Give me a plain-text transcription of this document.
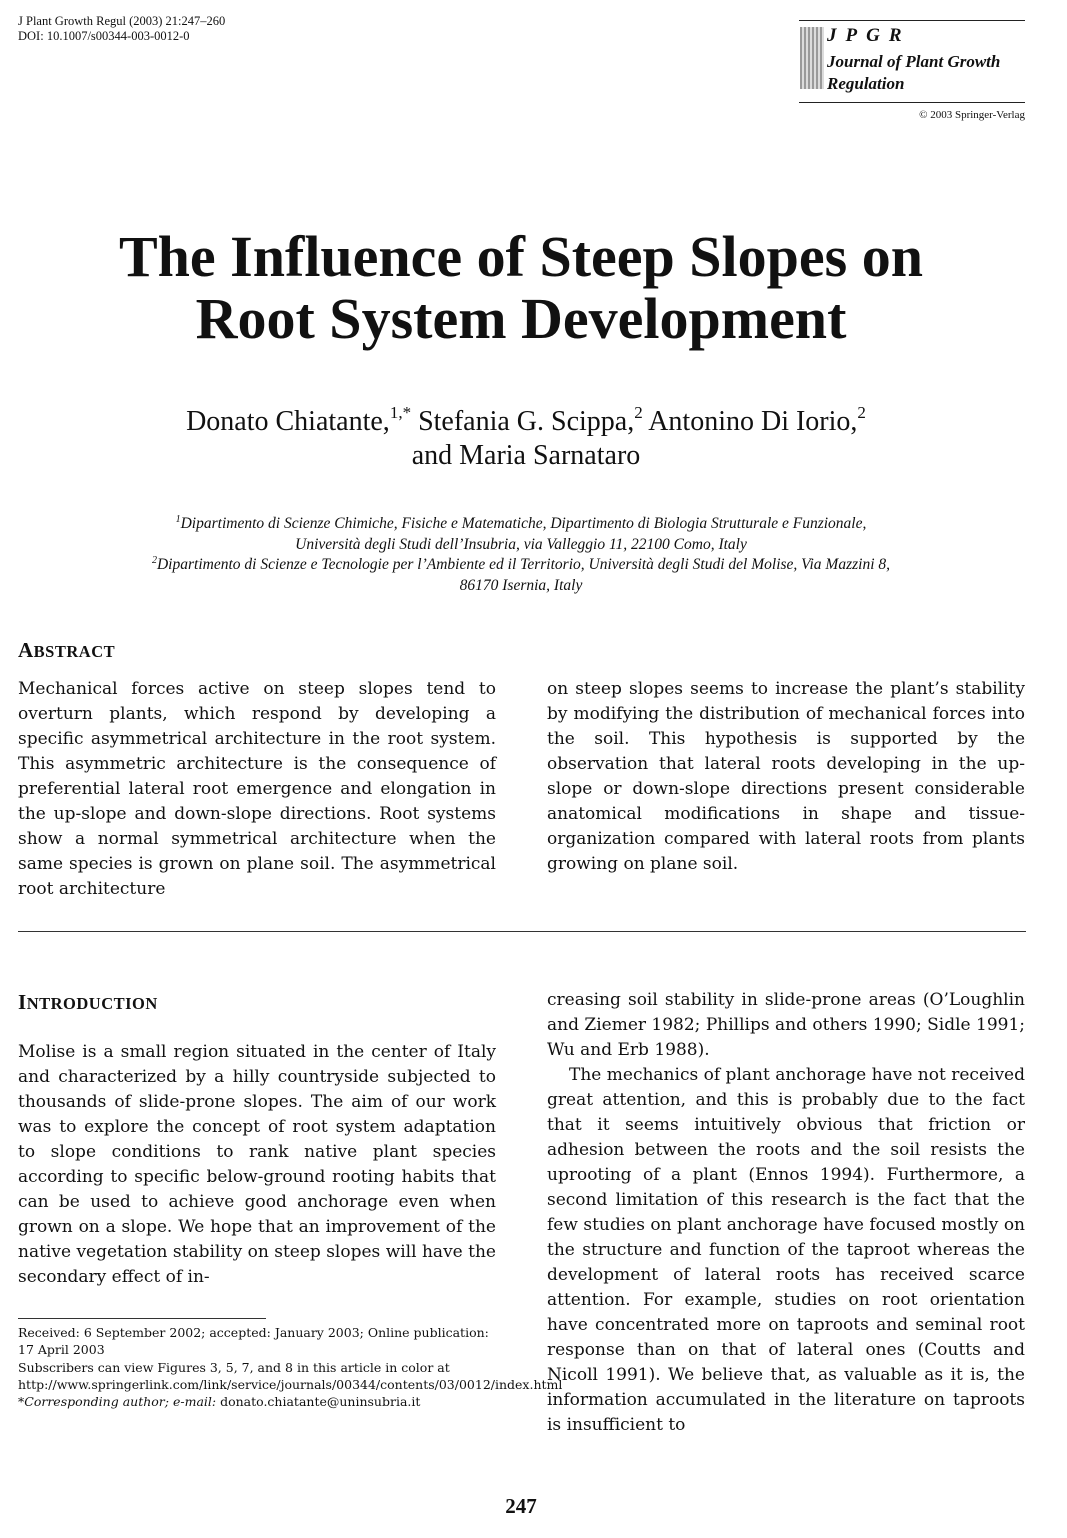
J Plant Growth Regul (2003) 21:247–260
DOI: 10.1007/s00344-003-0012-0	JPGR
Journal of Plant Growth
Regulation
© 2003 Springer-Verlag
The Influence of Steep Slopes on
Root System Development
Donato Chiatante,$^{1,*}$ Stefania G. Scippa,$^2$ Antonino Di Iorio,$^2$
and Maria Sarnataro
$^1$Dipartimento di Scienze Chimiche, Fisiche e Matematiche, Dipartimento di Biologia Strutturale e Funzionale,
Università degli Studi dell’Insubria, via Valleggio 11, 22100 Como, Italy
$^2$Dipartimento di Scienze e Tecnologie per l’Ambiente ed il Territorio, Università degli Studi del Molise, Via Mazzini 8,
86170 Isernia, Italy
ABSTRACT

Mechanical forces active on steep slopes tend to overturn plants, which respond by developing a specific asymmetrical architecture in the root system. This asymmetric architecture is the consequence of preferential lateral root emergence and elongation in the up-slope and down-slope directions. Root systems show a normal symmetrical architecture when the same species is grown on plane soil. The asymmetrical root architecture

on steep slopes seems to increase the plant’s stability by modifying the distribution of mechanical forces into the soil. This hypothesis is supported by the observation that lateral roots developing in the up-slope or down-slope directions present considerable anatomical modifications in shape and tissue-organization compared with lateral roots from plants growing on plane soil.

INTRODUCTION

Molise is a small region situated in the center of Italy and characterized by a hilly countryside subjected to thousands of slide-prone slopes. The aim of our work was to explore the concept of root system adaptation to slope conditions to rank native plant species according to specific below-ground rooting habits that can be used to achieve good anchorage even when grown on a slope. We hope that an improvement of the native vegetation stability on steep slopes will have the secondary effect of in-

creasing soil stability in slide-prone areas (O’Loughlin and Ziemer 1982; Phillips and others 1990; Sidle 1991; Wu and Erb 1988).

The mechanics of plant anchorage have not received great attention, and this is probably due to the fact that it seems intuitively obvious that friction or adhesion between the roots and the soil resists the uprooting of a plant (Ennos 1994). Furthermore, a second limitation of this research is the fact that the few studies on plant anchorage have focused mostly on the structure and function of the taproot whereas the development of lateral roots has received scarce attention. For example, studies on root orientation have concentrated more on taproots and seminal root response than on that of lateral ones (Coutts and Nicoll 1991). We believe that, as valuable as it is, the information accumulated in the literature on taproots is insufficient to

Received: 6 September 2002; accepted: January 2003; Online publication: 17 April 2003

Subscribers can view Figures 3, 5, 7, and 8 in this article in color at http://www.springerlink.com/link/service/journals/00344/contents/03/0012/index.html

*Corresponding author; e-mail: donato.chiatante@uninsubria.it

247
